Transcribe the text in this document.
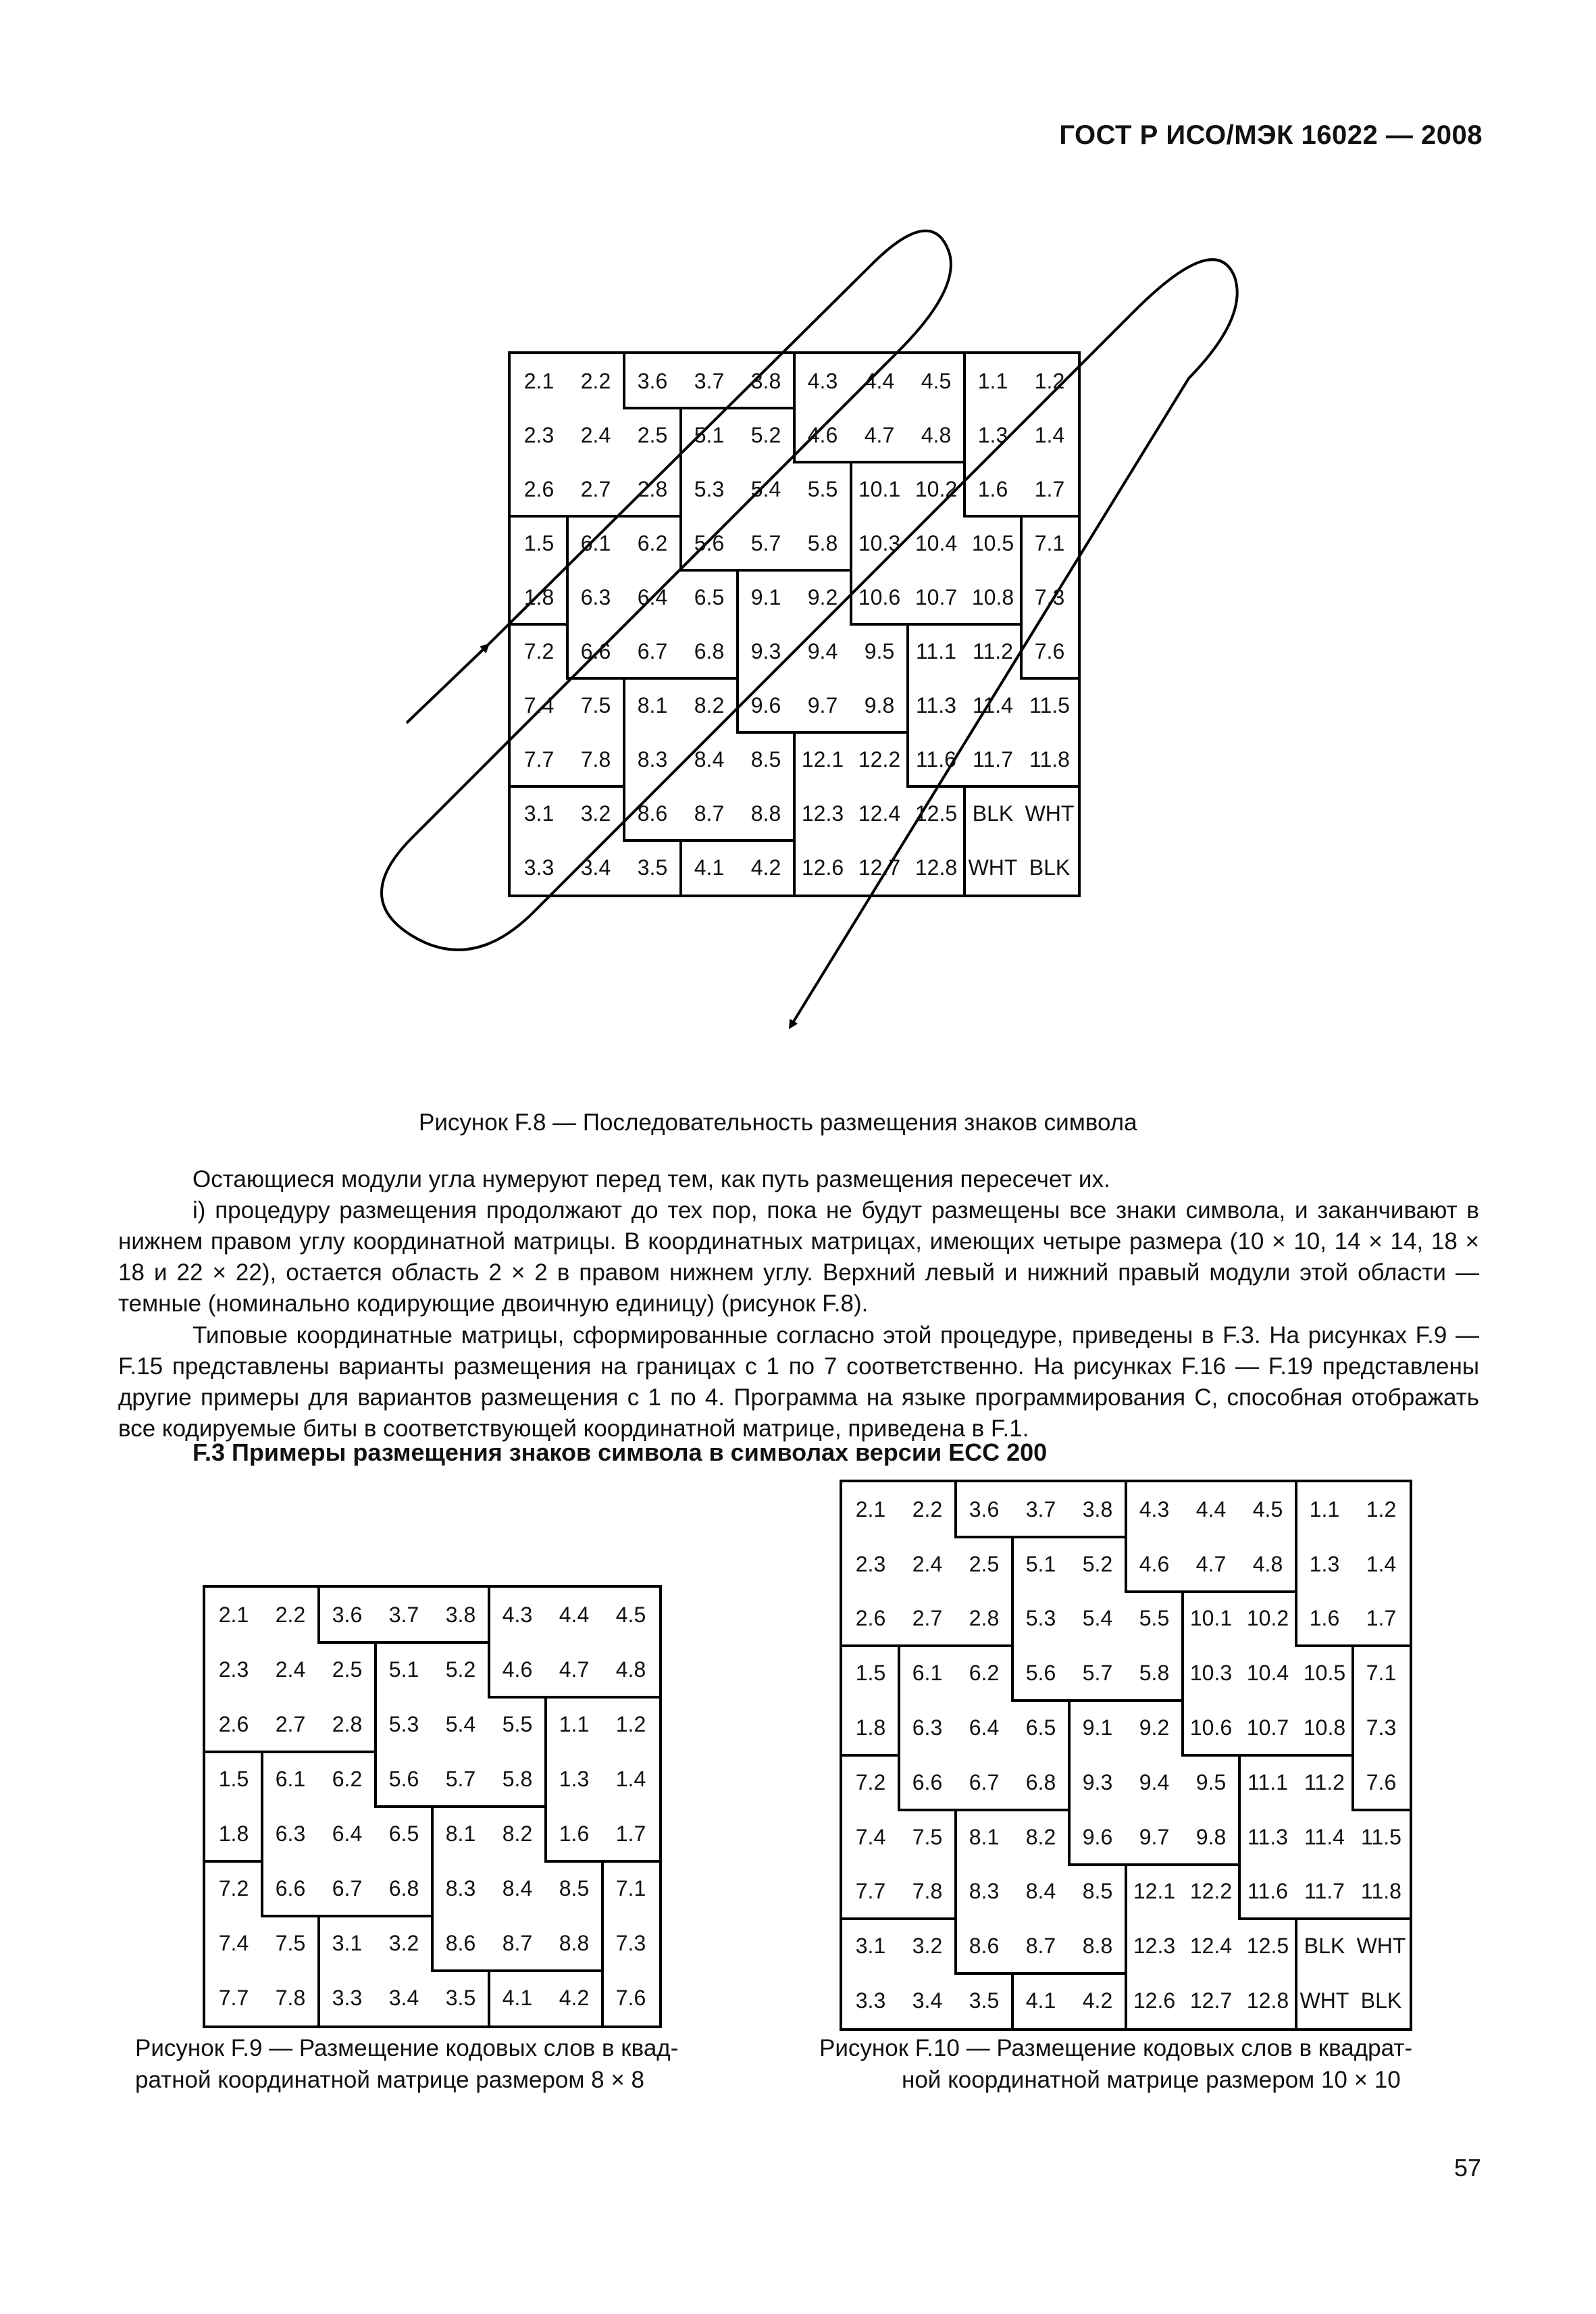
ГОСТ Р ИСО/МЭК 16022 — 2008
2.1	2.2	3.6	3.7	3.8	4.3	4.4	4.5	1.1	1.2
2.3	2.4	2.5	5.1	5.2	4.6	4.7	4.8	1.3	1.4
2.6	2.7	2.8	5.3	5.4	5.5 10.1 10.2 1.6	1.7
1.5	6.1	6.2	5.6	5.7	5.8 10.3 10.4 10.5 7.1
1.8	6.3	6.4	6.5	9.1	9.2 10.6 10.7 10.8 7.3
7.2	6.6	6.7	6.8	9.3	9.4	9.5 11.1 11.2 7.6
7.4	7.5	8.1	8.2	9.6	9.7	9.8 11.3 11.4 11.5
7.7	7.8	8.3	8.4	8.5 12.1 12.2 11.6 11.7 11.8
3.1	3.2	8.6	8.7	8.8 12.3 12.4 12.5 BLK WHT
3.3	3.4	3.5	4.1	4.2 12.6 12.7 12.8 WHT BLK
Рисунок F.8 — Последовательность размещения знаков символа
Остающиеся модули угла нумеруют перед тем, как путь размещения пересечет их.
i) процедуру размещения продолжают до тех пор, пока не будут размещены все знаки символа, и заканчивают в нижнем правом углу координатной матрицы. В координатных матрицах, имеющих четыре размера (10 × 10, 14 × 14, 18 × 18 и 22 × 22), остается область 2 × 2 в правом нижнем углу. Верхний левый и нижний правый модули этой области — темные (номинально кодирующие двоичную единицу) (рисунок F.8).
Типовые координатные матрицы, сформированные согласно этой процедуре, приведены в F.3. На рисунках F.9 — F.15 представлены варианты размещения на границах с 1 по 7 соответственно. На рисунках F.16 — F.19 представлены другие примеры для вариантов размещения с 1 по 4. Программа на языке программирования С, способная отображать все кодируемые биты в соответствующей координатной матрице, приведена в F.1.
F.3 Примеры размещения знаков символа в символах версии ЕСС 200
2.1	2.2	3.6	3.7	3.8	4.3	4.4	4.5
2.3	2.4	2.5	5.1	5.2	4.6	4.7	4.8
2.6	2.7	2.8	5.3	5.4	5.5	1.1	1.2
1.5	6.1	6.2	5.6	5.7	5.8	1.3	1.4
1.8	6.3	6.4	6.5	8.1	8.2	1.6	1.7
7.2	6.6	6.7	6.8	8.3	8.4	8.5	7.1
7.4	7.5	3.1	3.2	8.6	8.7	8.8	7.3
7.7	7.8	3.3	3.4	3.5	4.1	4.2	7.6
Рисунок F.9 — Размещение кодовых слов в квад-
ратной координатной матрице размером 8 × 8
2.1	2.2	3.6	3.7	3.8	4.3	4.4	4.5	1.1	1.2
2.3	2.4	2.5	5.1	5.2	4.6	4.7	4.8	1.3	1.4
2.6	2.7	2.8	5.3	5.4	5.5 10.1 10.2 1.6	1.7
1.5	6.1	6.2	5.6	5.7	5.8 10.3 10.4 10.5 7.1
1.8	6.3	6.4	6.5	9.1	9.2 10.6 10.7 10.8 7.3
7.2	6.6	6.7	6.8	9.3	9.4	9.5 11.1 11.2 7.6
7.4	7.5	8.1	8.2	9.6	9.7	9.8 11.3 11.4 11.5
7.7	7.8	8.3	8.4	8.5 12.1 12.2 11.6 11.7 11.8
3.1	3.2	8.6	8.7	8.8 12.3 12.4 12.5 BLK WHT
3.3	3.4	3.5	4.1	4.2 12.6 12.7 12.8 WHT BLK
Рисунок F.10 — Размещение кодовых слов в квадрат-
ной координатной матрице размером 10 × 10
57
